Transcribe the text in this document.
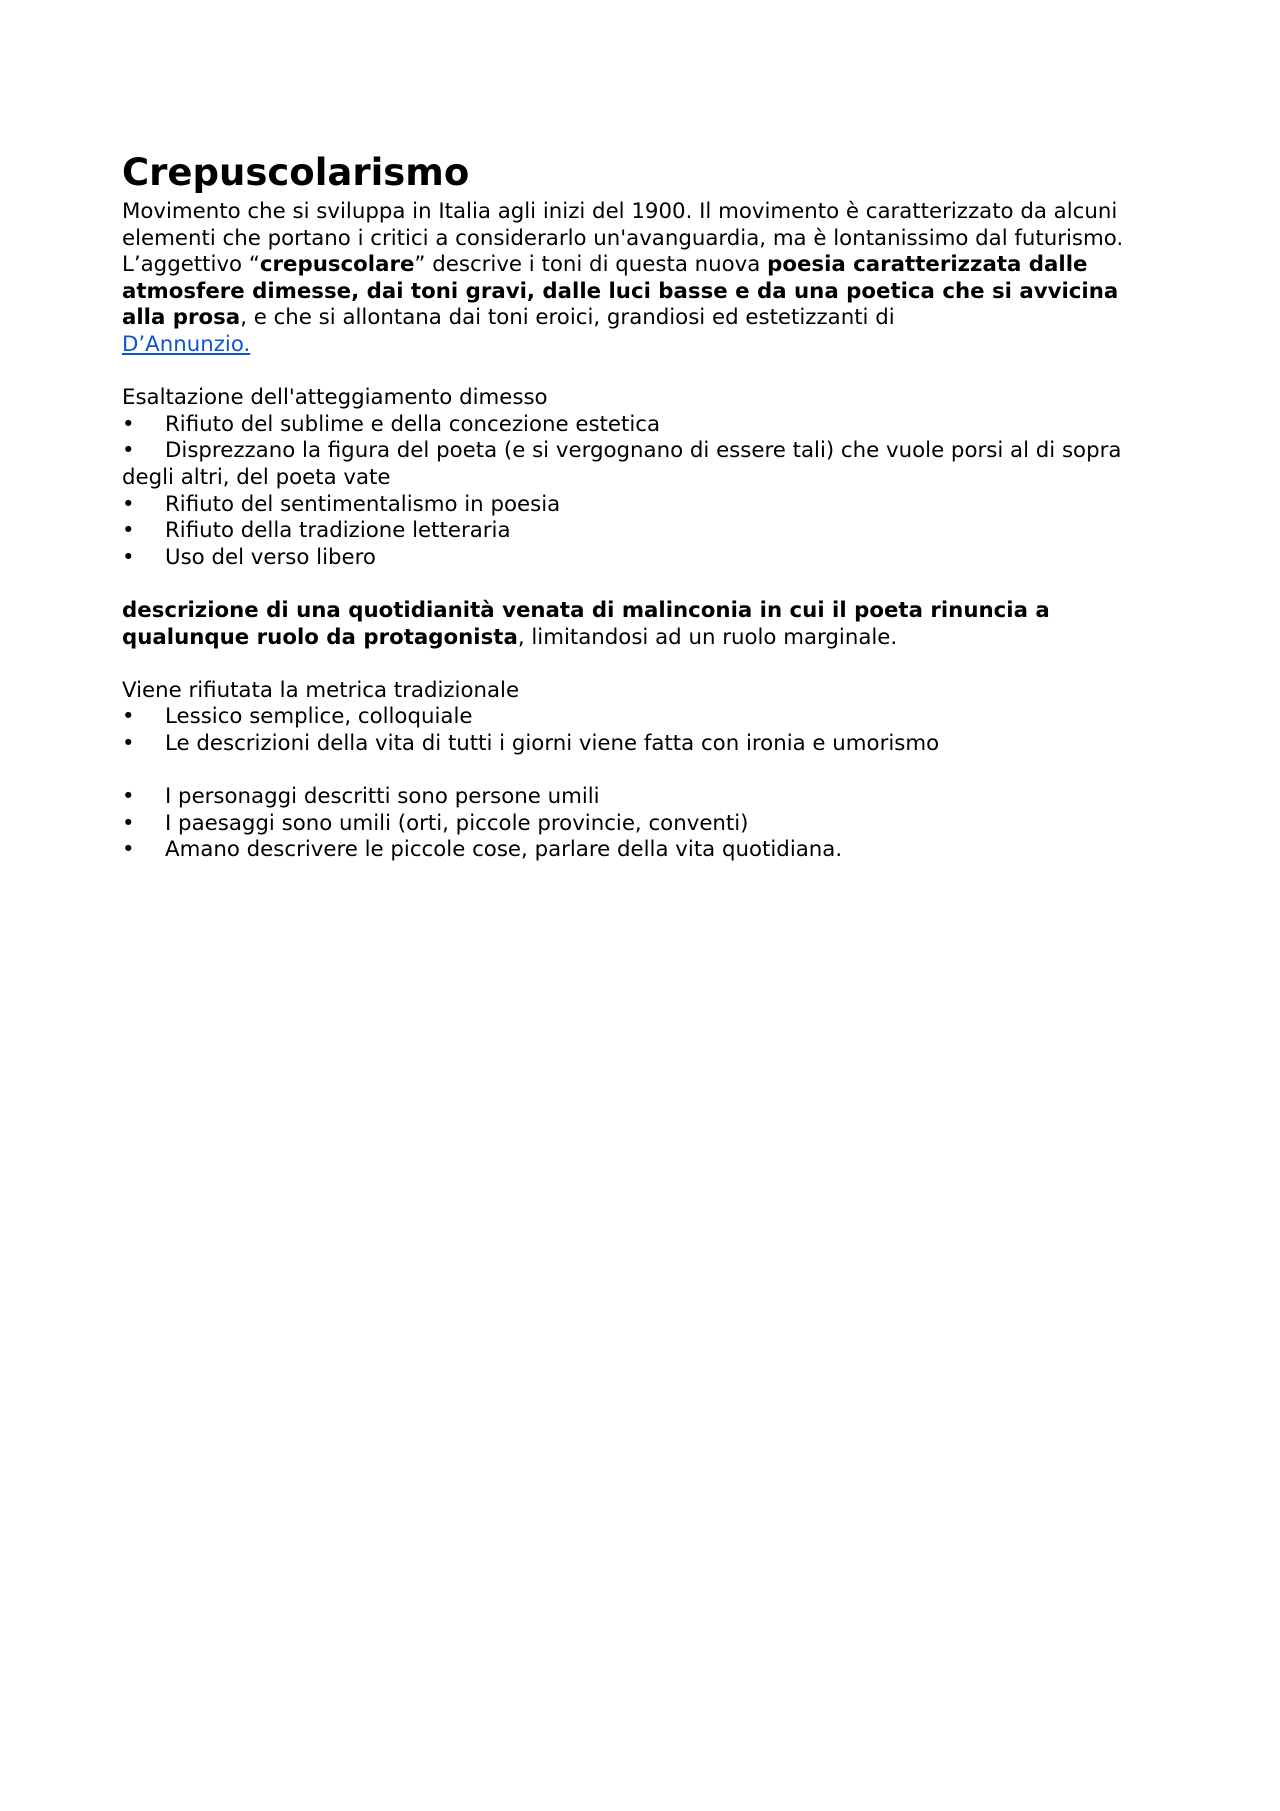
Crepuscolarismo

Movimento che si sviluppa in Italia agli inizi del 1900. Il movimento è caratterizzato da alcuni elementi che portano i critici a considerarlo un'avanguardia, ma è lontanissimo dal futurismo.

L’aggettivo “crepuscolare” descrive i toni di questa nuova poesia caratterizzata dalle atmosfere dimesse, dai toni gravi, dalle luci basse e da una poetica che si avvicina alla prosa, e che si allontana dai toni eroici, grandiosi ed estetizzanti di
D’Annunzio.

Esaltazione dell'atteggiamento dimesso

• Rifiuto del sublime e della concezione estetica
• Disprezzano la figura del poeta (e si vergognano di essere tali) che vuole porsi al di sopra degli altri, del poeta vate
• Rifiuto del sentimentalismo in poesia
• Rifiuto della tradizione letteraria
• Uso del verso libero

descrizione di una quotidianità venata di malinconia in cui il poeta rinuncia a qualunque ruolo da protagonista, limitandosi ad un ruolo marginale.

Viene rifiutata la metrica tradizionale

• Lessico semplice, colloquiale
• Le descrizioni della vita di tutti i giorni viene fatta con ironia e umorismo
• I personaggi descritti sono persone umili
• I paesaggi sono umili (orti, piccole provincie, conventi)
• Amano descrivere le piccole cose, parlare della vita quotidiana.
